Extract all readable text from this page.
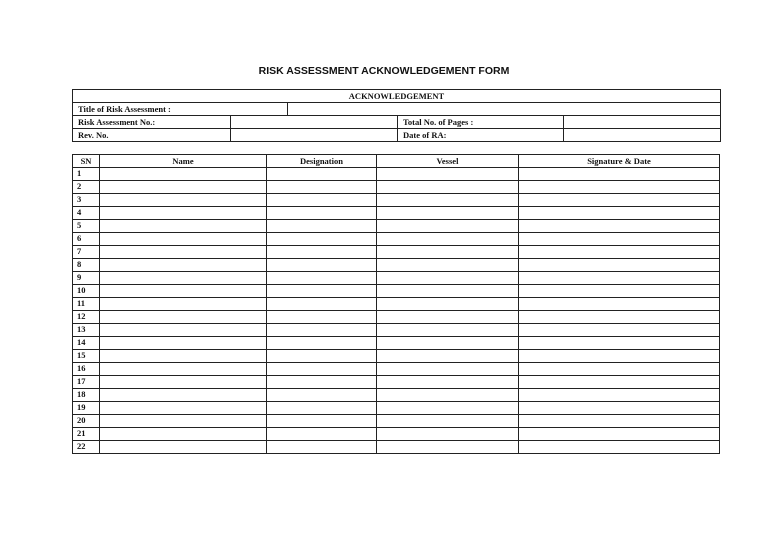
RISK ASSESSMENT ACKNOWLEDGEMENT FORM
ACKNOWLEDGEMENT				
Title of Risk Assessment :				
Risk Assessment No.:			Total No. of Pages :	
Rev. No.			Date of RA:	
SN	Name	Designation	Vessel	Signature & Date
1				
2				
3				
4				
5				
6				
7				
8				
9				
10				
11				
12				
13				
14				
15				
16				
17				
18				
19				
20				
21				
22				
